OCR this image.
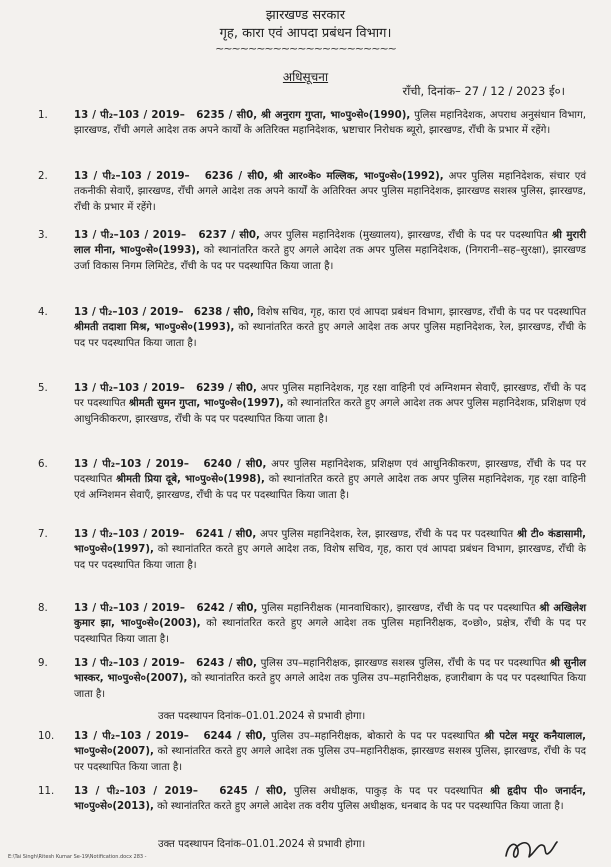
झारखण्ड सरकार
गृह, कारा एवं आपदा प्रबंधन विभाग।
~~~~~~~~~~~~~~~~~~~~~~
अधिसूचना
राँची, दिनांक– 27 / 12 / 2023 ई०।
1.	13 / पी₂–103 / 2019– 6235 / सी0, श्री अनुराग गुप्ता, भा०पु०से०(1990), पुलिस महानिदेशक, अपराध अनुसंधान विभाग, झारखण्ड, राँची अगले आदेश तक अपने कार्यों के अतिरिक्त महानिदेशक, भ्रष्टाचार निरोधक ब्यूरो, झारखण्ड, राँची के प्रभार में रहेंगे।
2.	13 / पी₂–103 / 2019– 6236 / सी0, श्री आर०के० मल्लिक, भा०पु०से०(1992), अपर पुलिस महानिदेशक, संचार एवं तकनीकी सेवाएँ, झारखण्ड, राँची अगले आदेश तक अपने कार्यों के अतिरिक्त अपर पुलिस महानिदेशक, झारखण्ड सशस्त्र पुलिस, झारखण्ड, राँची के प्रभार में रहेंगे।
3.	13 / पी₂–103 / 2019– 6237 / सी0, अपर पुलिस महानिदेशक (मुख्यालय), झारखण्ड, राँची के पद पर पदस्थापित श्री मुरारी लाल मीना, भा०पु०से०(1993), को स्थानांतरित करते हुए अगले आदेश तक अपर पुलिस महानिदेशक, (निगरानी–सह–सुरक्षा), झारखण्ड उर्जा विकास निगम लिमिटेड, राँची के पद पर पदस्थापित किया जाता है।
4.	13 / पी₂–103 / 2019– 6238 / सी0, विशेष सचिव, गृह, कारा एवं आपदा प्रबंधन विभाग, झारखण्ड, राँची के पद पर पदस्थापित श्रीमती तदाशा मिश्र, भा०पु०से०(1993), को स्थानांतरित करते हुए अगले आदेश तक अपर पुलिस महानिदेशक, रेल, झारखण्ड, राँची के पद पर पदस्थापित किया जाता है।
5.	13 / पी₂–103 / 2019– 6239 / सी0, अपर पुलिस महानिदेशक, गृह रक्षा वाहिनी एवं अग्निशमन सेवाएँ, झारखण्ड, राँची के पद पर पदस्थापित श्रीमती सुमन गुप्ता, भा०पु०से०(1997), को स्थानांतरित करते हुए अगले आदेश तक अपर पुलिस महानिदेशक, प्रशिक्षण एवं आधुनिकीकरण, झारखण्ड, राँची के पद पर पदस्थापित किया जाता है।
6.	13 / पी₂–103 / 2019– 6240 / सी0, अपर पुलिस महानिदेशक, प्रशिक्षण एवं आधुनिकीकरण, झारखण्ड, राँची के पद पर पदस्थापित श्रीमती प्रिया दूबे, भा०पु०से०(1998), को स्थानांतरित करते हुए अगले आदेश तक अपर पुलिस महानिदेशक, गृह रक्षा वाहिनी एवं अग्निशमन सेवाएँ, झारखण्ड, राँची के पद पर पदस्थापित किया जाता है।
7.	13 / पी₂–103 / 2019– 6241 / सी0, अपर पुलिस महानिदेशक, रेल, झारखण्ड, राँची के पद पर पदस्थापित श्री टी० कंडासामी, भा०पु०से०(1997), को स्थानांतरित करते हुए अगले आदेश तक, विशेष सचिव, गृह, कारा एवं आपदा प्रबंधन विभाग, झारखण्ड, राँची के पद पर पदस्थापित किया जाता है।
8.	13 / पी₂–103 / 2019– 6242 / सी0, पुलिस महानिरीक्षक (मानवाधिकार), झारखण्ड, राँची के पद पर पदस्थापित श्री अखिलेश कुमार झा, भा०पु०से०(2003), को स्थानांतरित करते हुए अगले आदेश तक पुलिस महानिरीक्षक, द०छो०, प्रक्षेत्र, राँची के पद पर पदस्थापित किया जाता है।
9.	13 / पी₂–103 / 2019– 6243 / सी0, पुलिस उप–महानिरीक्षक, झारखण्ड सशस्त्र पुलिस, राँची के पद पर पदस्थापित श्री सुनील भास्कर, भा०पु०से०(2007), को स्थानांतरित करते हुए अगले आदेश तक पुलिस उप–महानिरीक्षक, हजारीबाग के पद पर पदस्थापित किया जाता है।
उक्त पदस्थापन दिनांक–01.01.2024 से प्रभावी होगा।
10.	13 / पी₂–103 / 2019– 6244 / सी0, पुलिस उप–महानिरीक्षक, बोकारो के पद पर पदस्थापित श्री पटेल मयूर कनैयालाल, भा०पु०से०(2007), को स्थानांतरित करते हुए अगले आदेश तक पुलिस उप–महानिरीक्षक, झारखण्ड सशस्त्र पुलिस, झारखण्ड, राँची के पद पर पदस्थापित किया जाता है।
11.	13 / पी₂–103 / 2019– 6245 / सी0, पुलिस अधीक्षक, पाकुड़ के पद पर पदस्थापित श्री हृदीप पी० जनार्दन, भा०पु०से०(2013), को स्थानांतरित करते हुए अगले आदेश तक वरीय पुलिस अधीक्षक, धनबाद के पद पर पदस्थापित किया जाता है।
उक्त पदस्थापन दिनांक–01.01.2024 से प्रभावी होगा।
E:\Tai Singh\Ritesh Kumar Se-19\Notification.docx 283 -
